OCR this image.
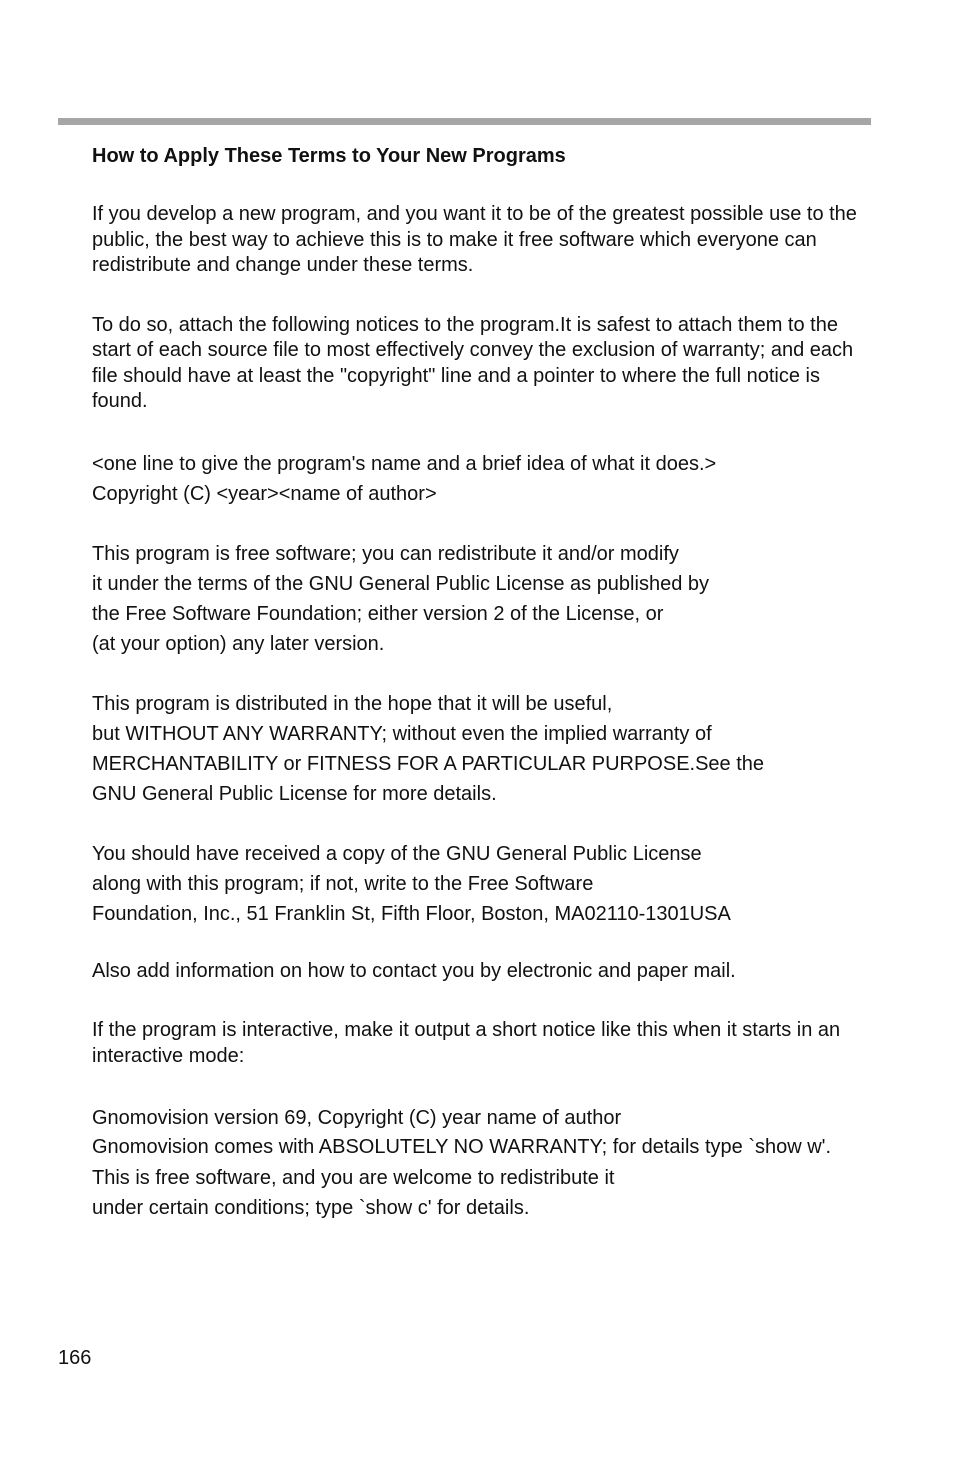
How to Apply These Terms to Your New Programs

If you develop a new program, and you want it to be of the greatest possible use to the public, the best way to achieve this is to make it free software which everyone can redistribute and change under these terms.

To do so, attach the following notices to the program.It is safest to attach them to the start of each source file to most effectively convey the exclusion of warranty; and each file should have at least the "copyright" line and a pointer to where the full notice is found.

<one line to give the program's name and a brief idea of what it does.>
Copyright (C) <year><name of author>
This program is free software; you can redistribute it and/or modify
it under the terms of the GNU General Public License as published by
the Free Software Foundation; either version 2 of the License, or
(at your option) any later version.
This program is distributed in the hope that it will be useful,
but WITHOUT ANY WARRANTY; without even the implied warranty of
MERCHANTABILITY or FITNESS FOR A PARTICULAR PURPOSE.See the
GNU General Public License for more details.
You should have received a copy of the GNU General Public License
along with this program; if not, write to the Free Software
Foundation, Inc., 51 Franklin St, Fifth Floor, Boston, MA02110-1301USA

Also add information on how to contact you by electronic and paper mail.

If the program is interactive, make it output a short notice like this when it starts in an interactive mode:

Gnomovision version 69, Copyright (C) year name of author
Gnomovision comes with ABSOLUTELY NO WARRANTY; for details type `show w'.
This is free software, and you are welcome to redistribute it
under certain conditions; type `show c' for details.
166
